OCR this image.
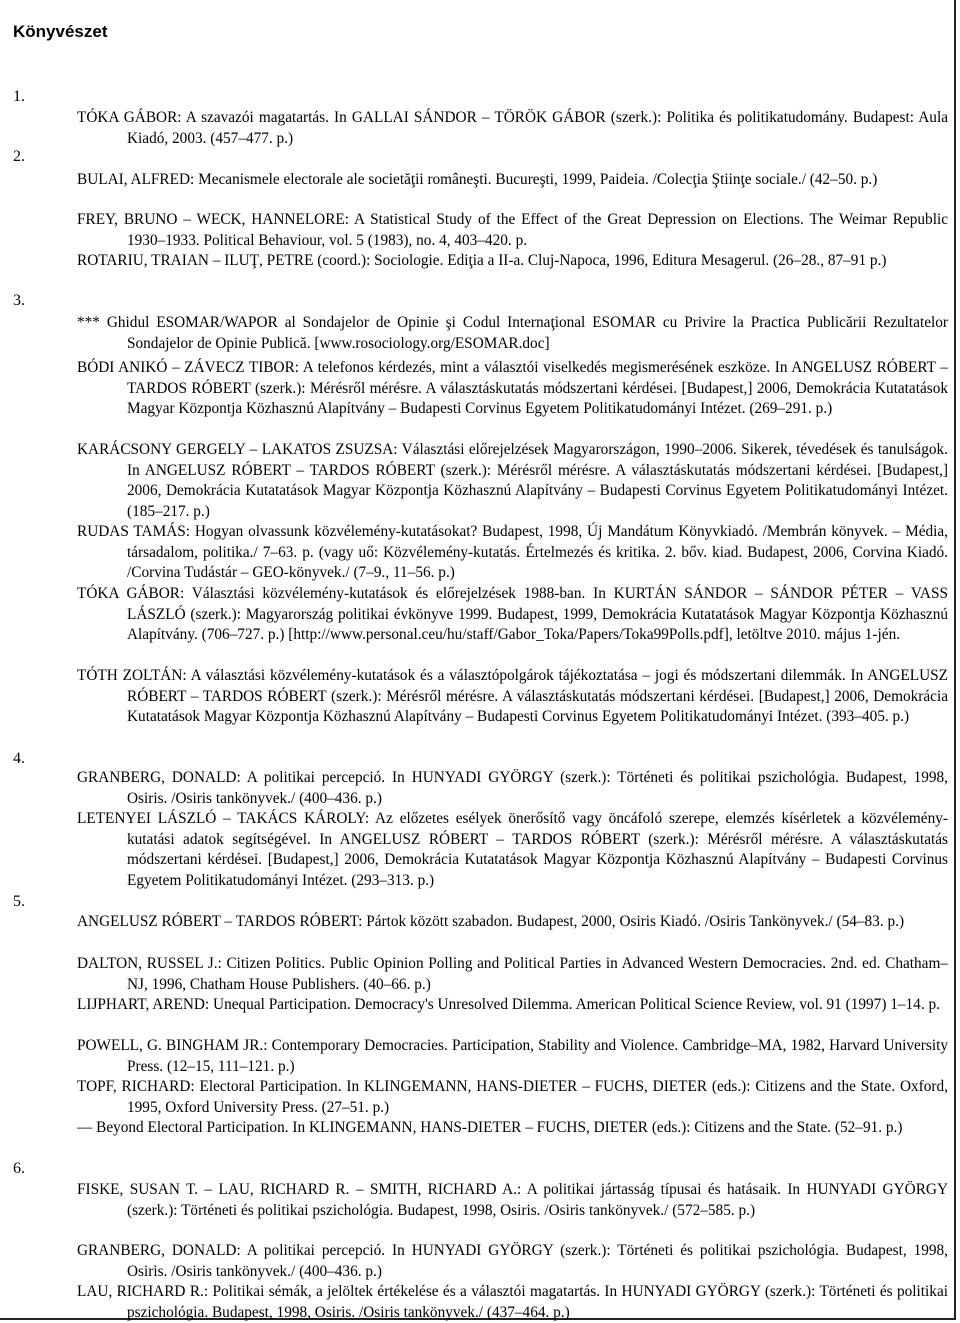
Könyvészet
1.
2.
3.
4.
5.
6.
TÓKA GÁBOR: A szavazói magatartás. In GALLAI SÁNDOR – TÖRÖK GÁBOR (szerk.): Politika és politikatudomány. Budapest: Aula Kiadó, 2003. (457–477. p.)
BULAI, ALFRED: Mecanismele electorale ale societăţii româneşti. Bucureşti, 1999, Paideia. /Colecţia Ştiinţe sociale./ (42–50. p.)
FREY, BRUNO – WECK, HANNELORE: A Statistical Study of the Effect of the Great Depression on Elections. The Weimar Republic 1930–1933. Political Behaviour, vol. 5 (1983), no. 4, 403–420. p.
ROTARIU, TRAIAN – ILUŢ, PETRE (coord.): Sociologie. Ediţia a II-a. Cluj-Napoca, 1996, Editura Mesagerul. (26–28., 87–91 p.)
*** Ghidul ESOMAR/WAPOR al Sondajelor de Opinie şi Codul Internaţional ESOMAR cu Privire la Practica Publicării Rezultatelor Sondajelor de Opinie Publică. [www.rosociology.org/ESOMAR.doc]
BÓDI ANIKÓ – ZÁVECZ TIBOR: A telefonos kérdezés, mint a választói viselkedés megismerésének eszköze. In ANGELUSZ RÓBERT – TARDOS RÓBERT (szerk.): Mérésről mérésre. A választáskutatás módszertani kérdései. [Budapest,] 2006, Demokrácia Kutatatások Magyar Központja Közhasznú Alapítvány – Budapesti Corvinus Egyetem Politikatudományi Intézet. (269–291. p.)
KARÁCSONY GERGELY – LAKATOS ZSUZSA: Választási előrejelzések Magyarországon, 1990–2006. Sikerek, tévedések és tanulságok. In ANGELUSZ RÓBERT – TARDOS RÓBERT (szerk.): Mérésről mérésre. A választáskutatás módszertani kérdései. [Budapest,] 2006, Demokrácia Kutatatások Magyar Központja Közhasznú Alapítvány – Budapesti Corvinus Egyetem Politikatudományi Intézet. (185–217. p.)
RUDAS TAMÁS: Hogyan olvassunk közvélemény-kutatásokat? Budapest, 1998, Új Mandátum Könyvkiadó. /Membrán könyvek. – Média, társadalom, politika./ 7–63. p. (vagy uő: Közvélemény-kutatás. Értelmezés és kritika. 2. bőv. kiad. Budapest, 2006, Corvina Kiadó. /Corvina Tudástár – GEO-könyvek./ (7–9., 11–56. p.)
TÓKA GÁBOR: Választási közvélemény-kutatások és előrejelzések 1988-ban. In KURTÁN SÁNDOR – SÁNDOR PÉTER – VASS LÁSZLÓ (szerk.): Magyarország politikai évkönyve 1999. Budapest, 1999, Demokrácia Kutatatások Magyar Központja Közhasznú Alapítvány. (706–727. p.) [http://www.personal.ceu/hu/staff/Gabor_Toka/Papers/Toka99Polls.pdf], letöltve 2010. május 1-jén.
TÓTH ZOLTÁN: A választási közvélemény-kutatások és a választópolgárok tájékoztatása – jogi és módszertani dilemmák. In ANGELUSZ RÓBERT – TARDOS RÓBERT (szerk.): Mérésről mérésre. A választáskutatás módszertani kérdései. [Budapest,] 2006, Demokrácia Kutatatások Magyar Központja Közhasznú Alapítvány – Budapesti Corvinus Egyetem Politikatudományi Intézet. (393–405. p.)
GRANBERG, DONALD: A politikai percepció. In HUNYADI GYÖRGY (szerk.): Történeti és politikai pszichológia. Budapest, 1998, Osiris. /Osiris tankönyvek./ (400–436. p.)
LETENYEI LÁSZLÓ – TAKÁCS KÁROLY: Az előzetes esélyek önerősítő vagy öncáfoló szerepe, elemzés kísérletek a közvélemény-kutatási adatok segítségével. In ANGELUSZ RÓBERT – TARDOS RÓBERT (szerk.): Mérésről mérésre. A választáskutatás módszertani kérdései. [Budapest,] 2006, Demokrácia Kutatatások Magyar Központja Közhasznú Alapítvány – Budapesti Corvinus Egyetem Politikatudományi Intézet. (293–313. p.)
ANGELUSZ RÓBERT – TARDOS RÓBERT: Pártok között szabadon. Budapest, 2000, Osiris Kiadó. /Osiris Tankönyvek./ (54–83. p.)
DALTON, RUSSEL J.: Citizen Politics. Public Opinion Polling and Political Parties in Advanced Western Democracies. 2nd. ed. Chatham–NJ, 1996, Chatham House Publishers. (40–66. p.)
LIJPHART, AREND: Unequal Participation. Democracy's Unresolved Dilemma. American Political Science Review, vol. 91 (1997) 1–14. p.
POWELL, G. BINGHAM JR.: Contemporary Democracies. Participation, Stability and Violence. Cambridge–MA, 1982, Harvard University Press. (12–15, 111–121. p.)
TOPF, RICHARD: Electoral Participation. In KLINGEMANN, HANS-DIETER – FUCHS, DIETER (eds.): Citizens and the State. Oxford, 1995, Oxford University Press. (27–51. p.)
— Beyond Electoral Participation. In KLINGEMANN, HANS-DIETER – FUCHS, DIETER (eds.): Citizens and the State. (52–91. p.)
FISKE, SUSAN T. – LAU, RICHARD R. – SMITH, RICHARD A.: A politikai jártasság típusai és hatásaik. In HUNYADI GYÖRGY (szerk.): Történeti és politikai pszichológia. Budapest, 1998, Osiris. /Osiris tankönyvek./ (572–585. p.)
GRANBERG, DONALD: A politikai percepció. In HUNYADI GYÖRGY (szerk.): Történeti és politikai pszichológia. Budapest, 1998, Osiris. /Osiris tankönyvek./ (400–436. p.)
LAU, RICHARD R.: Politikai sémák, a jelöltek értékelése és a választói magatartás. In HUNYADI GYÖRGY (szerk.): Történeti és politikai pszichológia. Budapest, 1998, Osiris. /Osiris tankönyvek./ (437–464. p.)
